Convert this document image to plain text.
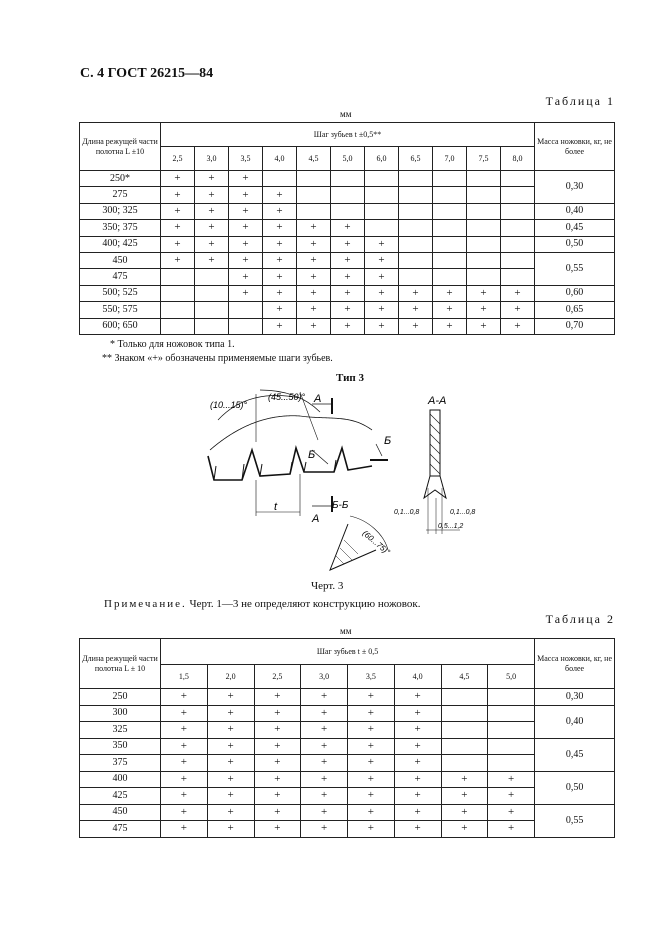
С. 4 ГОСТ 26215—84
Таблица 1
мм
Длина режущей части полотна L ±10	Шаг зубьев t ±0,5**											Масса ножовки, кг, не более
	2,5	3,0	3,5	4,0	4,5	5,0	6,0	6,5	7,0	7,5	8,0	
250*	+	+	+									0,30
275	+	+	+	+								
300; 325	+	+	+	+								0,40
350; 375	+	+	+	+	+	+						0,45
400; 425	+	+	+	+	+	+	+					0,50
450	+	+	+	+	+	+	+					0,55
475			+	+	+	+	+					
500; 525			+	+	+	+	+	+	+	+	+	0,60
550; 575				+	+	+	+	+	+	+	+	0,65
600; 650				+	+	+	+	+	+	+	+	0,70
* Только для ножовок типа 1.
** Знаком «+» обозначены применяемые шаги зубьев.
Тип 3
(10...15)°
(45...50)° А
А
А-А
Б
Б
Б-Б
t	0,1...0,8	0,1...0,8
0,5...1,2
(60...75)°
Черт. 3
Примечание. Черт. 1—3 не определяют конструкцию ножовок.
Таблица 2
мм
Длина режущей части полотна L ± 10	Шаг зубьев t ± 0,5								Масса ножовки, кг, не более
	1,5	2,0	2,5	3,0	3,5	4,0	4,5	5,0	
250	+	+	+	+	+	+			0,30
300	+	+	+	+	+	+			0,40
325	+	+	+	+	+	+			
350	+	+	+	+	+	+			0,45
375	+	+	+	+	+	+			
400	+	+	+	+	+	+	+	+	0,50
425	+	+	+	+	+	+	+	+	
450	+	+	+	+	+	+	+	+	0,55
475	+	+	+	+	+	+	+	+	
